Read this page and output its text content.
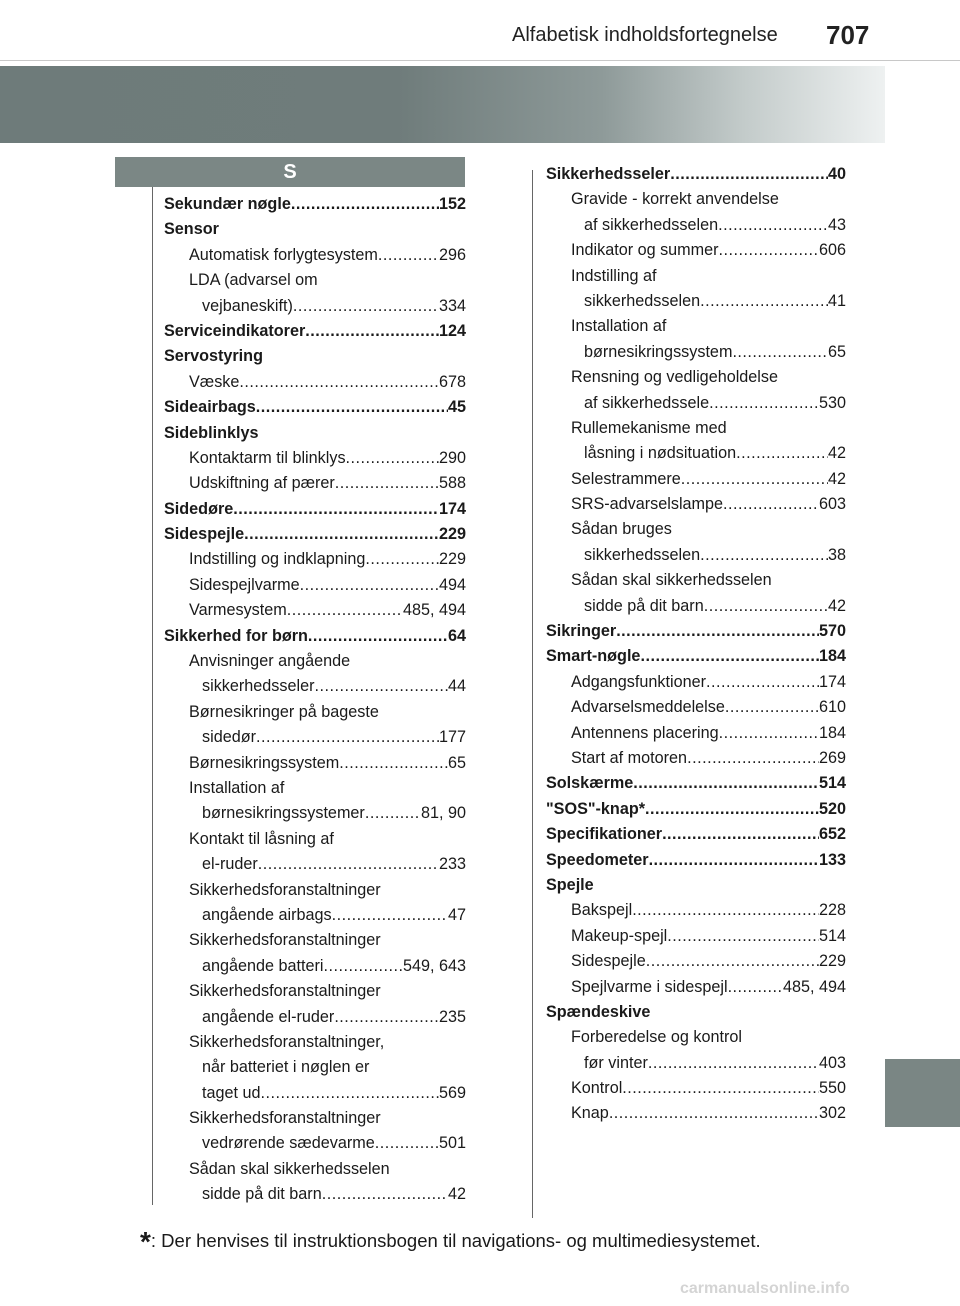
Alfabetisk indholdsfortegnelse 707
S
Sekundær nøgle .....	152
Sensor
Automatisk forlygtesystem .....	296
LDA (advarsel om
vejbaneskift) .....	334
Serviceindikatorer .....	124
Servostyring
Væske .....	678
Sideairbags .....	45
Sideblinklys
Kontaktarm til blinklys .....	290
Udskiftning af pærer .....	588
Sidedøre .....	174
Sidespejle .....	229
Indstilling og indklapning .....	229
Sidespejlvarme .....	494
Varmesystem .....	485, 494
Sikkerhed for børn .....	64
Anvisninger angående
sikkerhedsseler .....	44
Børnesikringer på bageste
sidedør .....	177
Børnesikringssystem .....	65
Installation af
børnesikringssystemer .....	81, 90
Kontakt til låsning af
el-ruder .....	233
Sikkerhedsforanstaltninger
angående airbags .....	47
Sikkerhedsforanstaltninger
angående batteri .....	549, 643
Sikkerhedsforanstaltninger
angående el-ruder .....	235
Sikkerhedsforanstaltninger,
når batteriet i nøglen er
taget ud .....	569
Sikkerhedsforanstaltninger
vedrørende sædevarme .....	501
Sådan skal sikkerhedsselen
sidde på dit barn .....	42
Sikkerhedsseler .....	40
Gravide - korrekt anvendelse
af sikkerhedsselen .....	43
Indikator og summer .....	606
Indstilling af
sikkerhedsselen .....	41
Installation af
børnesikringssystem .....	65
Rensning og vedligeholdelse
af sikkerhedssele .....	530
Rullemekanisme med
låsning i nødsituation .....	42
Selestrammere .....	42
SRS-advarselslampe .....	603
Sådan bruges
sikkerhedsselen .....	38
Sådan skal sikkerhedsselen
sidde på dit barn .....	42
Sikringer .....	570
Smart-nøgle .....	184
Adgangsfunktioner .....	174
Advarselsmeddelelse .....	610
Antennens placering .....	184
Start af motoren .....	269
Solskærme .....	514
"SOS"-knap* .....	520
Specifikationer .....	652
Speedometer .....	133
Spejle
Bakspejl .....	228
Makeup-spejl .....	514
Sidespejle .....	229
Spejlvarme i sidespejl .....	485, 494
Spændeskive
Forberedelse og kontrol
før vinter .....	403
Kontrol .....	550
Knap .....	302
*: Der henvises til instruktionsbogen til navigations- og multimediesystemet.
carmanualsonline.info
